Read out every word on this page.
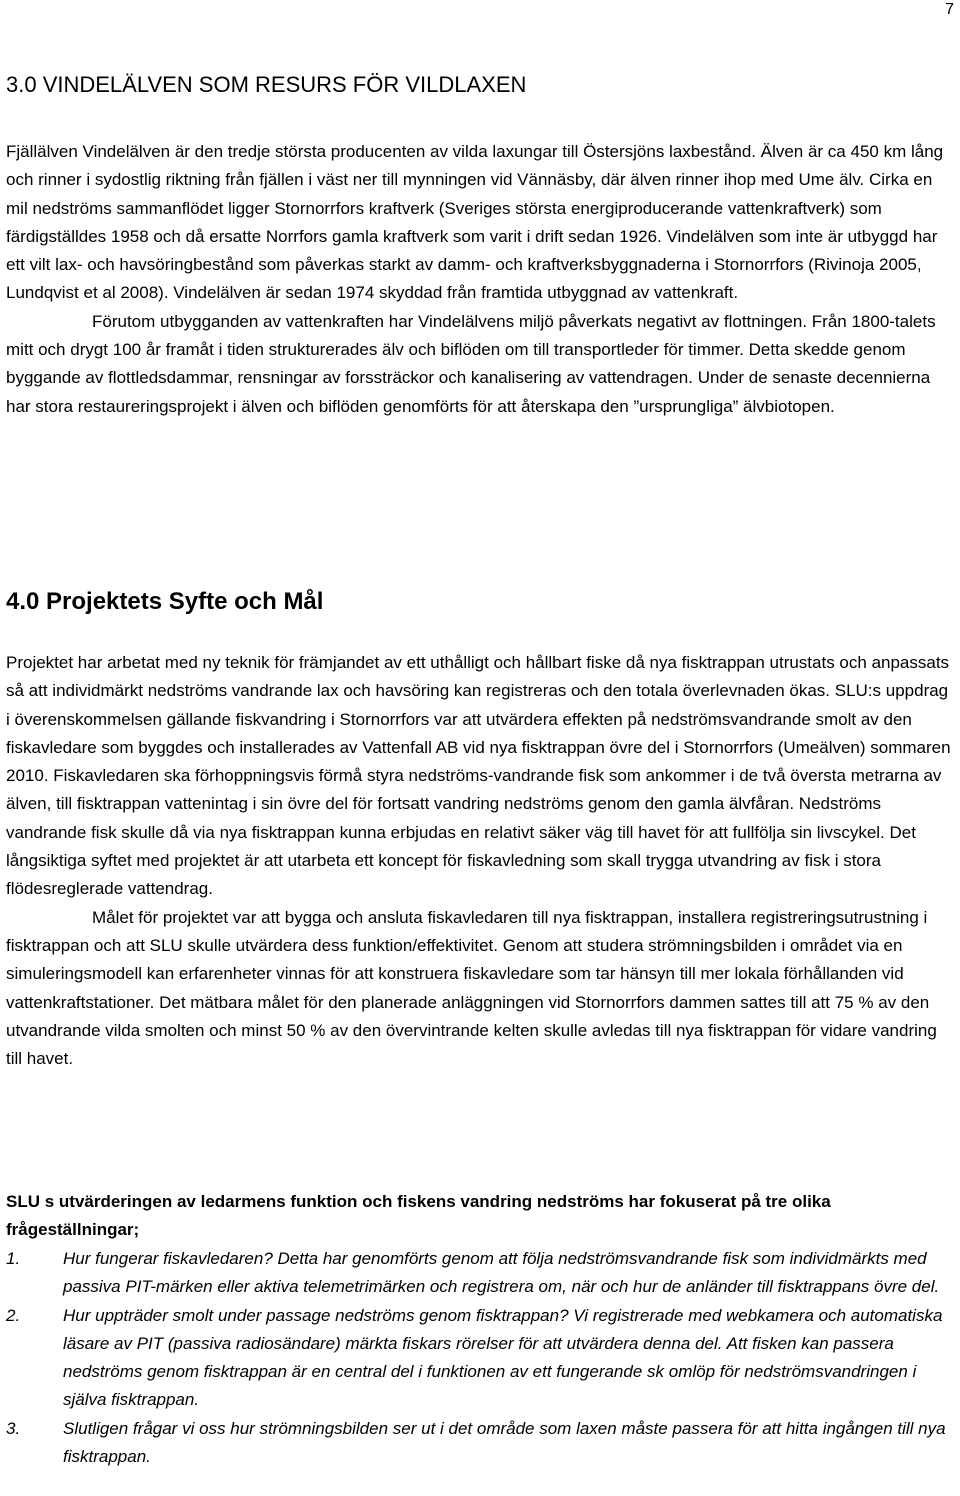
7
3.0 VINDELÄLVEN SOM RESURS FÖR VILDLAXEN

Fjällälven Vindelälven är den tredje största producenten av vilda laxungar till Östersjöns laxbestånd. Älven är ca 450 km lång och rinner i sydostlig riktning från fjällen i väst ner till mynningen vid Vännäsby, där älven rinner ihop med Ume älv. Cirka en mil nedströms sammanflödet ligger Stornorrfors kraftverk (Sveriges största energiproducerande vattenkraftverk) som färdigställdes 1958 och då ersatte Norrfors gamla kraftverk som varit i drift sedan 1926. Vindelälven som inte är utbyggd har ett vilt lax- och havsöringbestånd som påverkas starkt av damm- och kraftverksbyggnaderna i Stornorrfors (Rivinoja 2005, Lundqvist et al 2008). Vindelälven är sedan 1974 skyddad från framtida utbyggnad av vattenkraft.

Förutom utbygganden av vattenkraften har Vindelälvens miljö påverkats negativt av flottningen. Från 1800-talets mitt och drygt 100 år framåt i tiden strukturerades älv och biflöden om till transportleder för timmer. Detta skedde genom byggande av flottledsdammar, rensningar av forssträckor och kanalisering av vattendragen. Under de senaste decennierna har stora restaureringsprojekt i älven och biflöden genomförts för att återskapa den ”ursprungliga” älvbiotopen.

4.0 Projektets Syfte och Mål

Projektet har arbetat med ny teknik för främjandet av ett uthålligt och hållbart fiske då nya fisktrappan utrustats och anpassats så att individmärkt nedströms vandrande lax och havsöring kan registreras och den totala överlevnaden ökas. SLU:s uppdrag i överenskommelsen gällande fiskvandring i Stornorrfors var att utvärdera effekten på nedströmsvandrande smolt av den fiskavledare som byggdes och installerades av Vattenfall AB vid nya fisktrappan övre del i Stornorrfors (Umeälven) sommaren 2010. Fiskavledaren ska förhoppningsvis förmå styra nedströms-vandrande fisk som ankommer i de två översta metrarna av älven, till fisktrappan vattenintag i sin övre del för fortsatt vandring nedströms genom den gamla älvfåran. Nedströms vandrande fisk skulle då via nya fisktrappan kunna erbjudas en relativt säker väg till havet för att fullfölja sin livscykel. Det långsiktiga syftet med projektet är att utarbeta ett koncept för fiskavledning som skall trygga utvandring av fisk i stora flödesreglerade vattendrag.

Målet för projektet var att bygga och ansluta fiskavledaren till nya fisktrappan, installera registreringsutrustning i fisktrappan och att SLU skulle utvärdera dess funktion/effektivitet. Genom att studera strömningsbilden i området via en simuleringsmodell kan erfarenheter vinnas för att konstruera fiskavledare som tar hänsyn till mer lokala förhållanden vid vattenkraftstationer. Det mätbara målet för den planerade anläggningen vid Stornorrfors dammen sattes till att 75 % av den utvandrande vilda smolten och minst 50 % av den övervintrande kelten skulle avledas till nya fisktrappan för vidare vandring till havet.

SLU s utvärderingen av ledarmens funktion och fiskens vandring nedströms har fokuserat på tre olika frågeställningar;

1.	Hur fungerar fiskavledaren? Detta har genomförts genom att följa nedströmsvandrande fisk som individmärkts med passiva PIT-märken eller aktiva telemetrimärken och registrera om, när och hur de anländer till fisktrappans övre del.
2.	Hur uppträder smolt under passage nedströms genom fisktrappan? Vi registrerade med webkamera och automatiska läsare av PIT (passiva radiosändare) märkta fiskars rörelser för att utvärdera denna del. Att fisken kan passera nedströms genom fisktrappan är en central del i funktionen av ett fungerande sk omlöp för nedströmsvandringen i själva fisktrappan.
3.	Slutligen frågar vi oss hur strömningsbilden ser ut i det område som laxen måste passera för att hitta ingången till nya fisktrappan.
